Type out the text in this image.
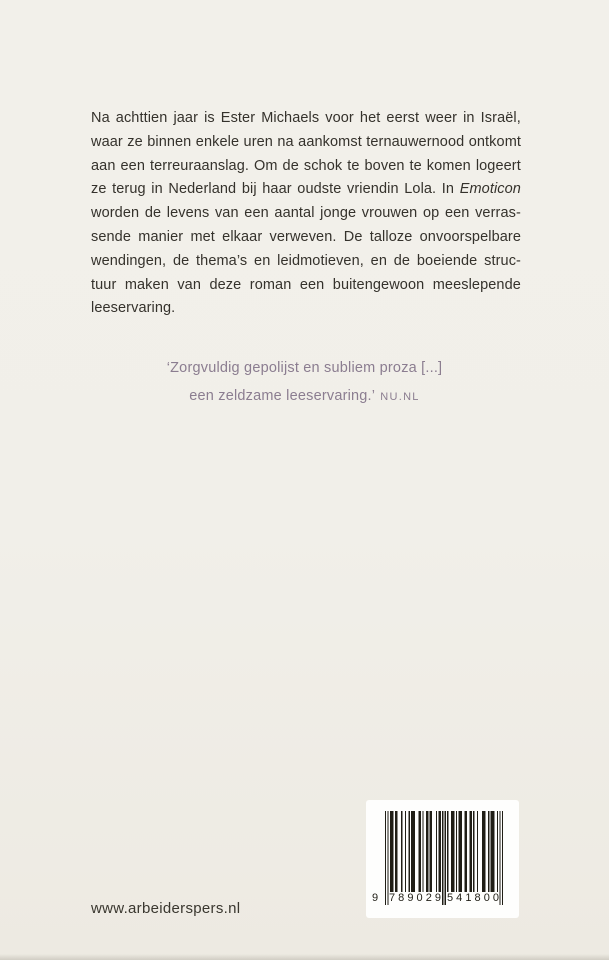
Na achttien jaar is Ester Michaels voor het eerst weer in Israël,
waar ze binnen enkele uren na aankomst ternauwernood ontkomt
aan een terreuraanslag. Om de schok te boven te komen logeert
ze terug in Nederland bij haar oudste vriendin Lola. In Emoticon
worden de levens van een aantal jonge vrouwen op een verras-
sende manier met elkaar verweven. De talloze onvoorspelbare
wendingen, de thema’s en leidmotieven, en de boeiende struc-
tuur maken van deze roman een buitengewoon meeslepende
leeservaring.
‘Zorgvuldig gepolijst en subliem proza [...]
een zeldzame leeservaring.’ NU.NL
9 7 8 9 0 2 9 5 4 1 8 0 0
www.arbeiderspers.nl
